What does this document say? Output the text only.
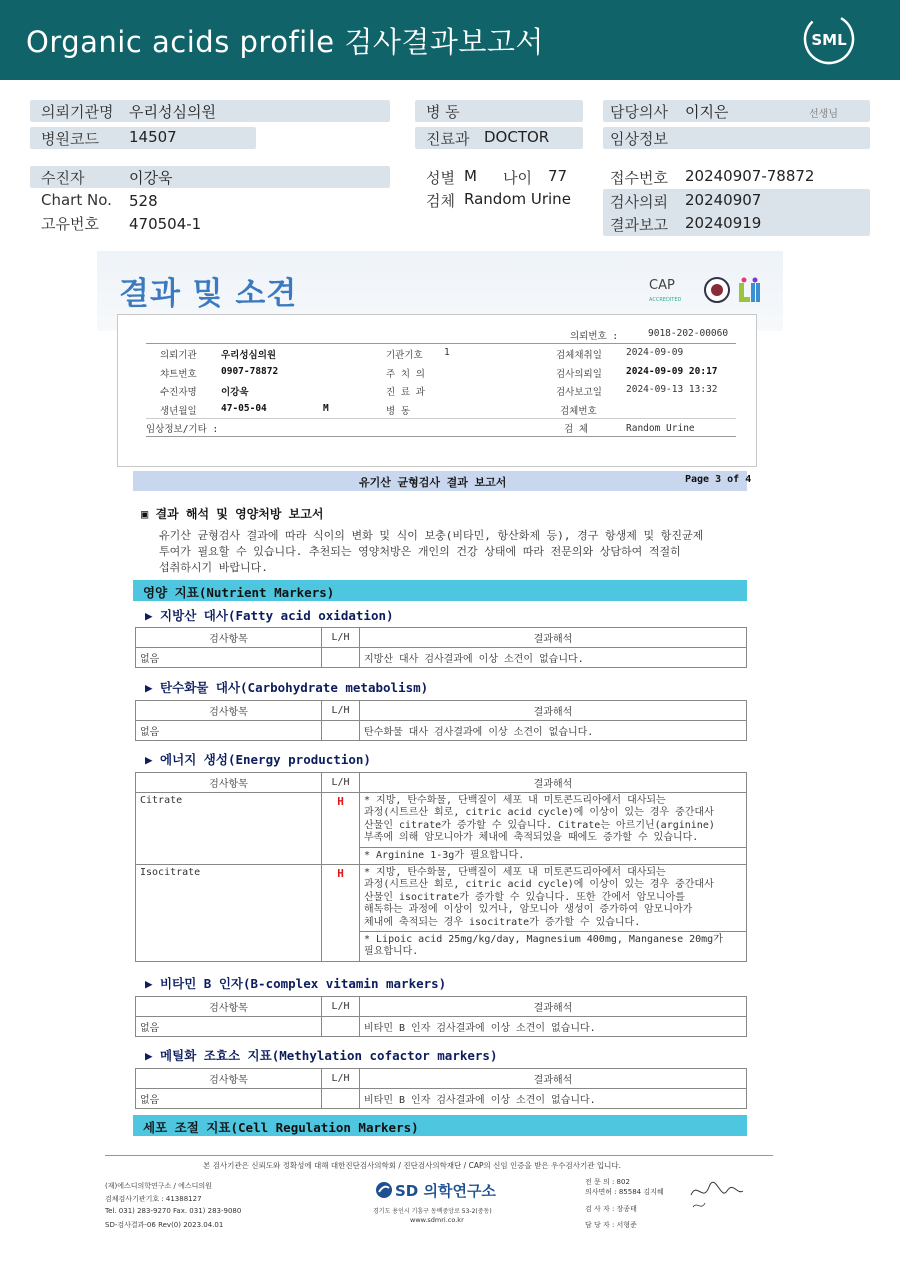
Organic acids profile 검사결과보고서	SML
의뢰기관명 우리성심의원
병원코드 14507
병 동
진료과 DOCTOR
담당의사 이지은	선생님
임상정보
수진자	이강욱
Chart No. 528
고유번호 470504-1
성별 M 나이 77
검체 Random Urine
접수번호 20240907-78872
검사의뢰 20240907
결과보고 20240919
결과 및 소견	CAP
ACCREDITED
의뢰번호 :	9018-202-00060
의뢰기관	우리성심의원	기관기호 1	검체채취일	2024-09-09
챠트번호	0907-78872	주 치 의	검사의뢰일	2024-09-09 20:17
수진자명	이강욱	진 료 과	검사보고일	2024-09-13 13:32
생년월일	47-05-04	M	병 동	검체번호
임상정보/기타 :	검 체	Random Urine
유기산 균형검사 결과 보고서	Page 3 of 4
▣ 결과 해석 및 영양처방 보고서
유기산 균형검사 결과에 따라 식이의 변화 및 식이 보충(비타민, 항산화제 등), 경구 항생제 및 항진균제
투여가 필요할 수 있습니다. 추천되는 영양처방은 개인의 건강 상태에 따라 전문의와 상담하여 적절히
섭취하시기 바랍니다.
영양 지표(Nutrient Markers)
▶ 지방산 대사(Fatty acid oxidation)
검사항목	L/H	결과해석
없음		지방산 대사 검사결과에 이상 소견이 없습니다.
▶ 탄수화물 대사(Carbohydrate metabolism)
검사항목	L/H	결과해석
없음		탄수화물 대사 검사결과에 이상 소견이 없습니다.
▶ 에너지 생성(Energy production)
검사항목	L/H	결과해석
Citrate	H	* 지방, 탄수화물, 단백질이 세포 내 미토콘드리아에서 대사되는
과정(시트르산 회로, citric acid cycle)에 이상이 있는 경우 중간대사
산물인 citrate가 증가할 수 있습니다. Citrate는 아르기닌(arginine)
부족에 의해 암모니아가 체내에 축적되었을 때에도 증가할 수 있습니다.

		* Arginine 1-3g가 필요합니다.

Isocitrate	H	* 지방, 탄수화물, 단백질이 세포 내 미토콘드리아에서 대사되는
과정(시트르산 회로, citric acid cycle)에 이상이 있는 경우 중간대사
산물인 isocitrate가 증가할 수 있습니다. 또한 간에서 암모니아를
해독하는 과정에 이상이 있거나, 암모니아 생성이 증가하여 암모니아가
체내에 축적되는 경우 isocitrate가 증가할 수 있습니다.

		* Lipoic acid 25mg/kg/day, Magnesium 400mg, Manganese 20mg가
필요합니다.
▶ 비타민 B 인자(B-complex vitamin markers)
검사항목	L/H	결과해석
없음		비타민 B 인자 검사결과에 이상 소견이 없습니다.
▶ 메틸화 조효소 지표(Methylation cofactor markers)
검사항목	L/H	결과해석
없음		비타민 B 인자 검사결과에 이상 소견이 없습니다.
세포 조절 지표(Cell Regulation Markers)
본 검사기관은 신뢰도와 정확성에 대해 대한진단검사의학회 / 진단검사의학재단 / CAP의 신임 인증을 받은 우수검사기관 입니다.
(재)에스디의학연구소 / 에스디의원
검체검사기관기호 : 41388127
Tel. 031) 283-9270 Fax. 031) 283-9080
SD-검사결과-06 Rev(0) 2023.04.01
SD 의학연구소
경기도 용인시 기흥구 동백중앙로 53-2(중동)
www.sdmri.co.kr
전 문 의 : 802
의사면허 : 85584 김지혜
검 사 자 : 장종태
담 당 자 : 서형준
